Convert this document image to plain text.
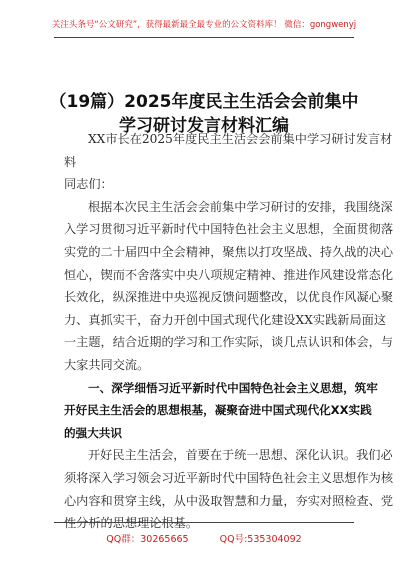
关注头条号“公文研究”，获得最新最全最专业的公文资料库！ 微信：gongwenyj
（19篇）2025年度民主生活会会前集中
学习研讨发言材料汇编
XX市长在2025年度民主生活会会前集中学习研讨发言材
料
同志们：
根据本次民主生活会会前集中学习研讨的安排，我围绕深
入学习贯彻习近平新时代中国特色社会主义思想，全面贯彻落
实党的二十届四中全会精神，聚焦以打攻坚战、持久战的决心
恒心，锲而不舍落实中央八项规定精神、推进作风建设常态化
长效化，纵深推进中央巡视反馈问题整改，以优良作风凝心聚
力、真抓实干，奋力开创中国式现代化建设XX实践新局面这
一主题，结合近期的学习和工作实际，谈几点认识和体会，与
大家共同交流。
一、深学细悟习近平新时代中国特色社会主义思想，筑牢
开好民主生活会的思想根基，凝聚奋进中国式现代化XX实践
的强大共识
开好民主生活会，首要在于统一思想、深化认识。我们必
须将深入学习领会习近平新时代中国特色社会主义思想作为核
心内容和贯穿主线，从中汲取智慧和力量，夯实对照检查、党
性分析的思想理论根基。
QQ群：30265665	QQ号:535304092
